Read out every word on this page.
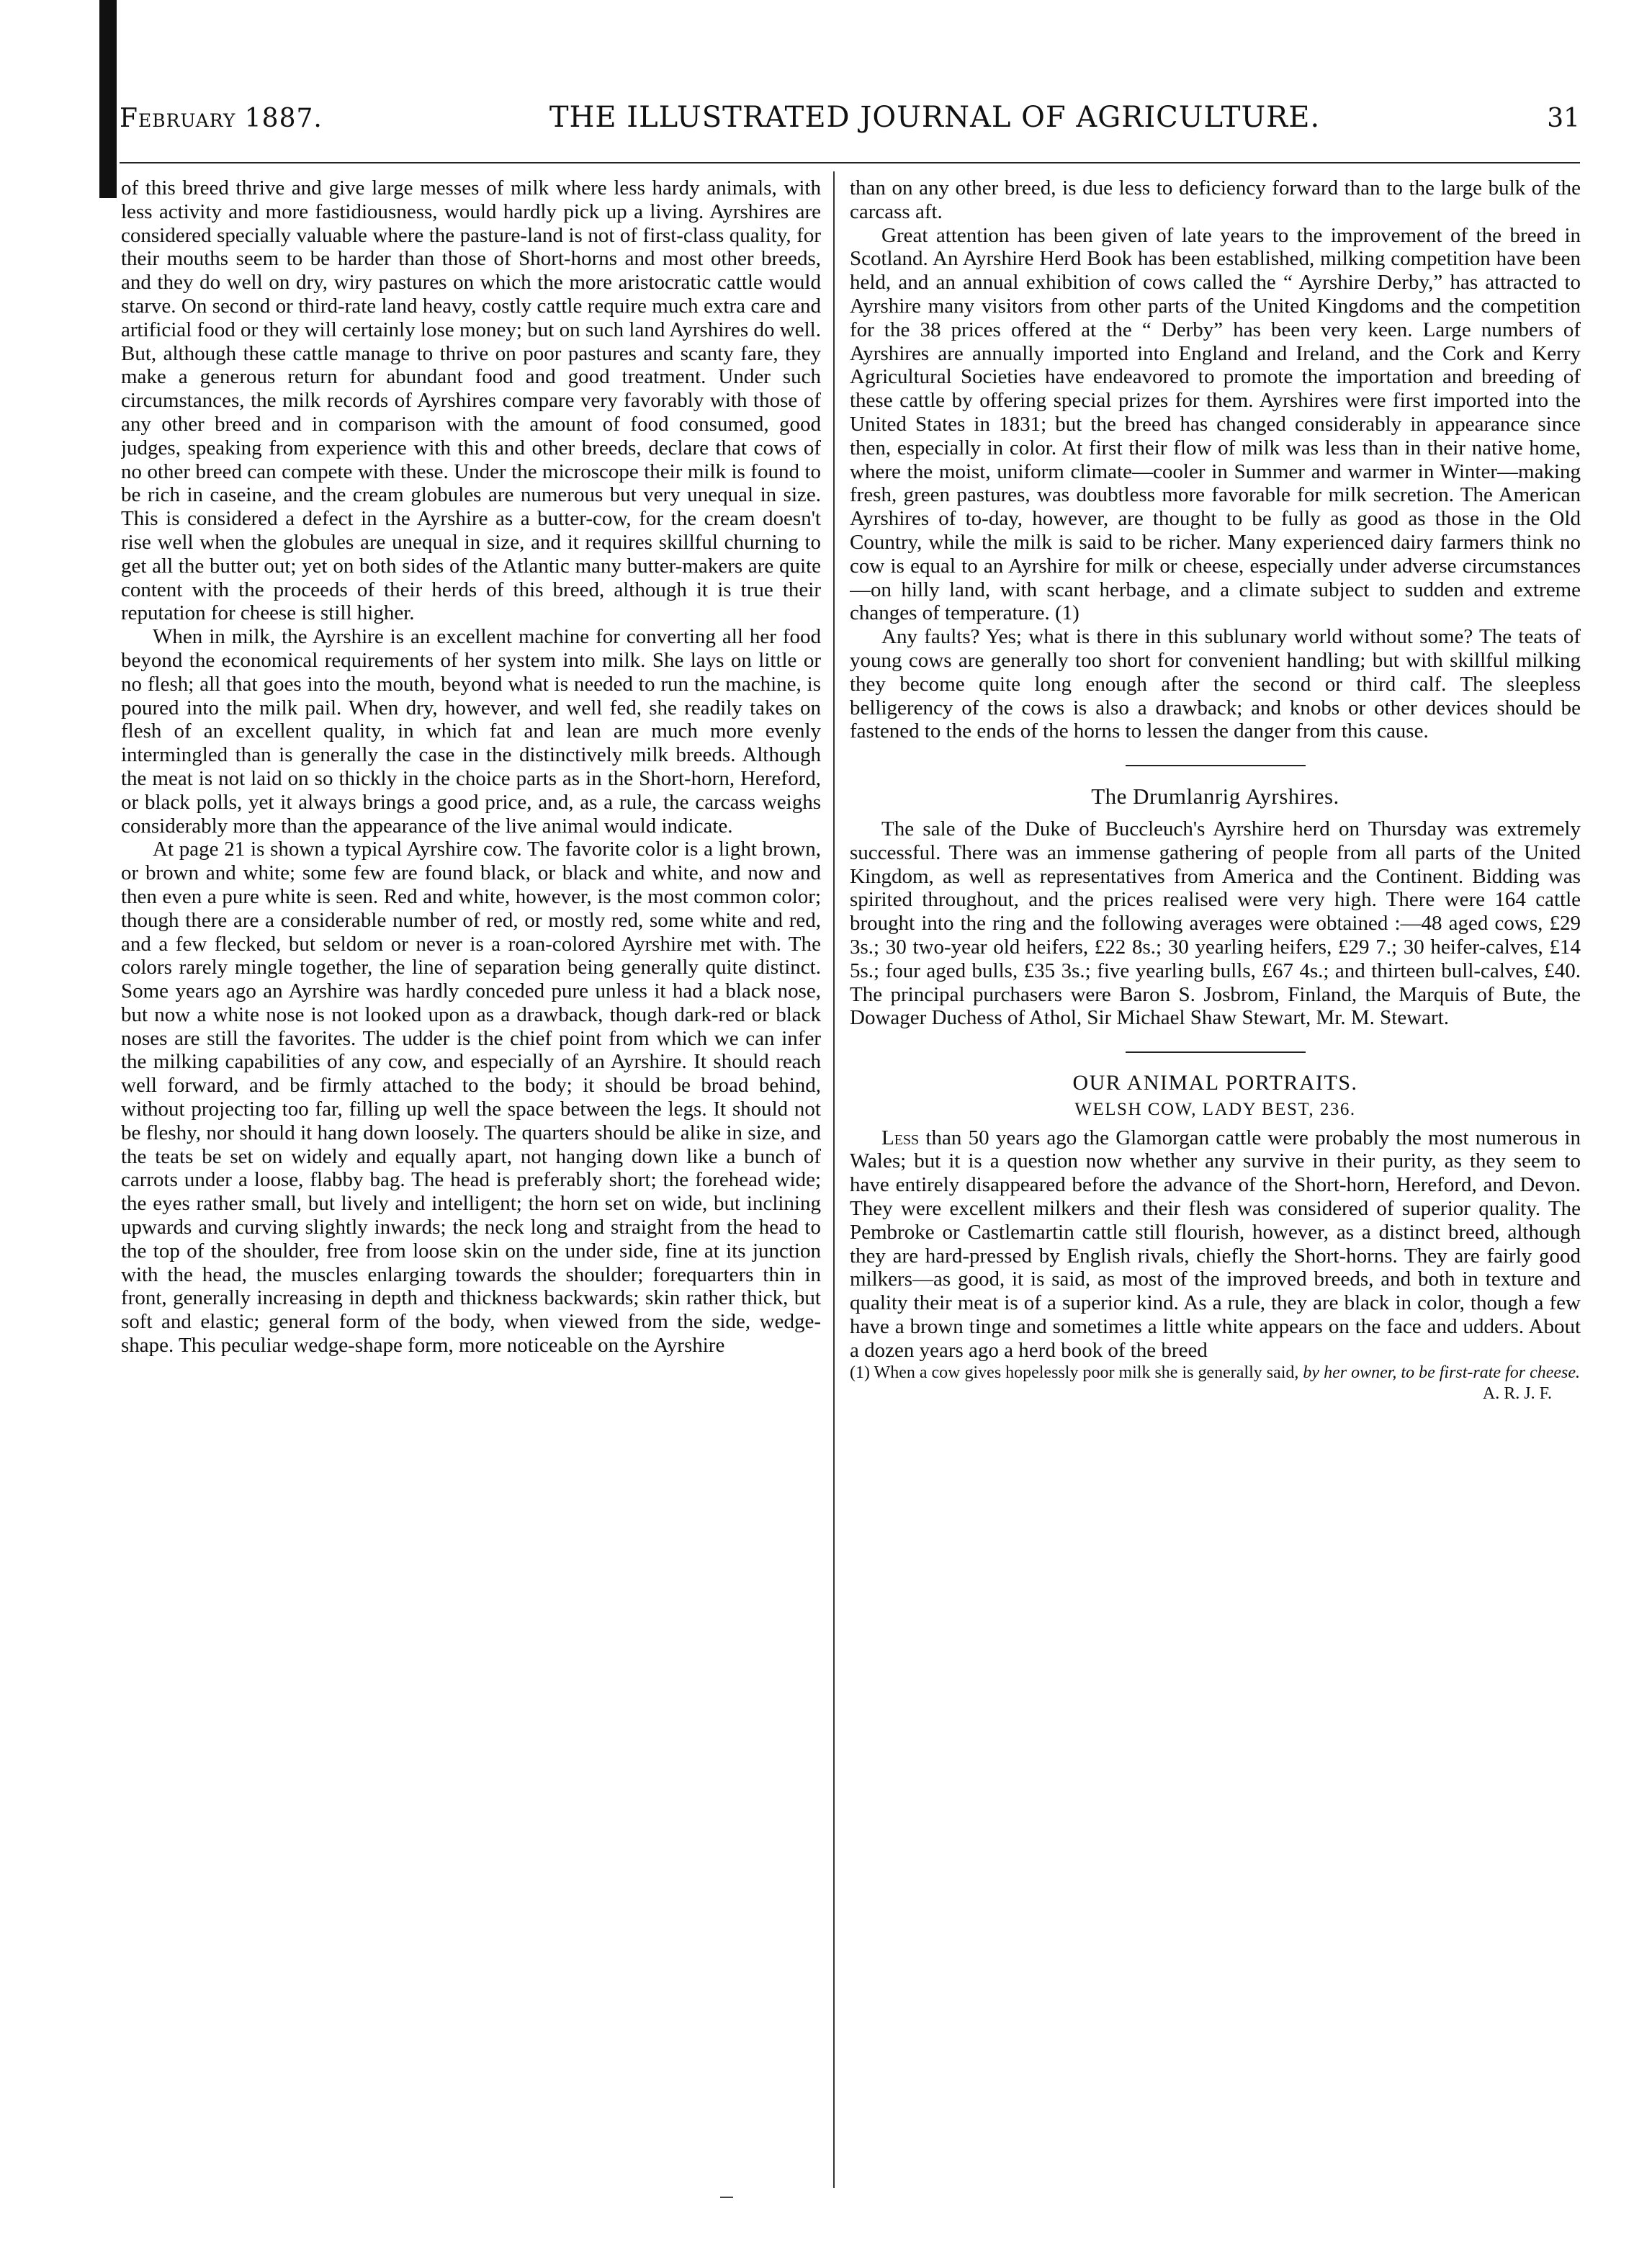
February 1887.	THE ILLUSTRATED JOURNAL OF AGRICULTURE.	31

of this breed thrive and give large messes of milk where less hardy animals, with less activity and more fastidiousness, would hardly pick up a living. Ayrshires are considered specially valuable where the pasture-land is not of first-class quality, for their mouths seem to be harder than those of Short-horns and most other breeds, and they do well on dry, wiry pastures on which the more aristocratic cattle would starve. On second or third-rate land heavy, costly cattle require much extra care and artificial food or they will certainly lose money; but on such land Ayrshires do well. But, although these cattle manage to thrive on poor pastures and scanty fare, they make a generous return for abundant food and good treatment. Under such circumstances, the milk records of Ayrshires compare very favorably with those of any other breed and in comparison with the amount of food consumed, good judges, speaking from experience with this and other breeds, declare that cows of no other breed can compete with these. Under the microscope their milk is found to be rich in caseine, and the cream globules are numerous but very unequal in size. This is considered a defect in the Ayrshire as a butter-cow, for the cream doesn't rise well when the globules are unequal in size, and it requires skillful churning to get all the butter out; yet on both sides of the Atlantic many butter-makers are quite content with the proceeds of their herds of this breed, although it is true their reputation for cheese is still higher.

When in milk, the Ayrshire is an excellent machine for converting all her food beyond the economical requirements of her system into milk. She lays on little or no flesh; all that goes into the mouth, beyond what is needed to run the machine, is poured into the milk pail. When dry, however, and well fed, she readily takes on flesh of an excellent quality, in which fat and lean are much more evenly intermingled than is generally the case in the distinctively milk breeds. Although the meat is not laid on so thickly in the choice parts as in the Short-horn, Hereford, or black polls, yet it always brings a good price, and, as a rule, the carcass weighs considerably more than the appearance of the live animal would indicate.

At page 21 is shown a typical Ayrshire cow. The favorite color is a light brown, or brown and white; some few are found black, or black and white, and now and then even a pure white is seen. Red and white, however, is the most common color; though there are a considerable number of red, or mostly red, some white and red, and a few flecked, but seldom or never is a roan-colored Ayrshire met with. The colors rarely mingle together, the line of separation being generally quite distinct. Some years ago an Ayrshire was hardly conceded pure unless it had a black nose, but now a white nose is not looked upon as a drawback, though dark-red or black noses are still the favorites. The udder is the chief point from which we can infer the milking capabilities of any cow, and especially of an Ayrshire. It should reach well forward, and be firmly attached to the body; it should be broad behind, without projecting too far, filling up well the space between the legs. It should not be fleshy, nor should it hang down loosely. The quarters should be alike in size, and the teats be set on widely and equally apart, not hanging down like a bunch of carrots under a loose, flabby bag. The head is preferably short; the forehead wide; the eyes rather small, but lively and intelligent; the horn set on wide, but inclining upwards and curving slightly inwards; the neck long and straight from the head to the top of the shoulder, free from loose skin on the under side, fine at its junction with the head, the muscles enlarging towards the shoulder; forequarters thin in front, generally increasing in depth and thickness backwards; skin rather thick, but soft and elastic; general form of the body, when viewed from the side, wedge-shape. This peculiar wedge-shape form, more noticeable on the Ayrshire

than on any other breed, is due less to deficiency forward than to the large bulk of the carcass aft.

Great attention has been given of late years to the improvement of the breed in Scotland. An Ayrshire Herd Book has been established, milking competition have been held, and an annual exhibition of cows called the “ Ayrshire Derby,” has attracted to Ayrshire many visitors from other parts of the United Kingdoms and the competition for the 38 prices offered at the “ Derby” has been very keen. Large numbers of Ayrshires are annually imported into England and Ireland, and the Cork and Kerry Agricultural Societies have endeavored to promote the importation and breeding of these cattle by offering special prizes for them. Ayrshires were first imported into the United States in 1831; but the breed has changed considerably in appearance since then, especially in color. At first their flow of milk was less than in their native home, where the moist, uniform climate—cooler in Summer and warmer in Winter—making fresh, green pastures, was doubtless more favorable for milk secretion. The American Ayrshires of to-day, however, are thought to be fully as good as those in the Old Country, while the milk is said to be richer. Many experienced dairy farmers think no cow is equal to an Ayrshire for milk or cheese, especially under adverse circumstances—on hilly land, with scant herbage, and a climate subject to sudden and extreme changes of temperature. (1)

Any faults? Yes; what is there in this sublunary world without some? The teats of young cows are generally too short for convenient handling; but with skillful milking they become quite long enough after the second or third calf. The sleepless belligerency of the cows is also a drawback; and knobs or other devices should be fastened to the ends of the horns to lessen the danger from this cause.

The Drumlanrig Ayrshires.

The sale of the Duke of Buccleuch's Ayrshire herd on Thursday was extremely successful. There was an immense gathering of people from all parts of the United Kingdom, as well as representatives from America and the Continent. Bidding was spirited throughout, and the prices realised were very high. There were 164 cattle brought into the ring and the following averages were obtained :—48 aged cows, £29 3s.; 30 two-year old heifers, £22 8s.; 30 yearling heifers, £29 7.; 30 heifer-calves, £14 5s.; four aged bulls, £35 3s.; five yearling bulls, £67 4s.; and thirteen bull-calves, £40. The principal purchasers were Baron S. Josbrom, Finland, the Marquis of Bute, the Dowager Duchess of Athol, Sir Michael Shaw Stewart, Mr. M. Stewart.

OUR ANIMAL PORTRAITS.
WELSH COW, LADY BEST, 236.

Less than 50 years ago the Glamorgan cattle were probably the most numerous in Wales; but it is a question now whether any survive in their purity, as they seem to have entirely disappeared before the advance of the Short-horn, Hereford, and Devon. They were excellent milkers and their flesh was considered of superior quality. The Pembroke or Castlemartin cattle still flourish, however, as a distinct breed, although they are hard-pressed by English rivals, chiefly the Short-horns. They are fairly good milkers—as good, it is said, as most of the improved breeds, and both in texture and quality their meat is of a superior kind. As a rule, they are black in color, though a few have a brown tinge and sometimes a little white appears on the face and udders. About a dozen years ago a herd book of the breed

(1) When a cow gives hopelessly poor milk she is generally said, by her owner, to be first-rate for cheese.
A. R. J. F.
